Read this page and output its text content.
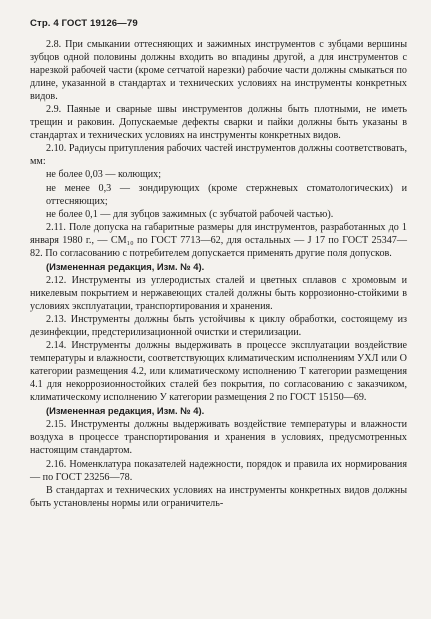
Стр. 4 ГОСТ 19126—79

2.8. При смыкании оттесняющих и зажимных инструментов с зубцами вершины зубцов одной половины должны входить во впадины другой, а для инструментов с нарезкой рабочей части (кроме сетчатой нарезки) рабочие части должны смыкаться по длине, указанной в стандартах и технических условиях на инструменты конкретных видов.

2.9. Паяные и сварные швы инструментов должны быть плотными, не иметь трещин и раковин. Допускаемые дефекты сварки и пайки должны быть указаны в стандартах и технических условиях на инструменты конкретных видов.

2.10. Радиусы притупления рабочих частей инструментов должны соответствовать, мм:

не более 0,03 — колющих;

не менее 0,3 — зондирующих (кроме стержневых стоматологических) и оттесняющих;

не более 0,1 — для зубцов зажимных (с зубчатой рабочей частью).

2.11. Поле допуска на габаритные размеры для инструментов, разработанных до 1 января 1980 г., — CM₁₀ по ГОСТ 7713—62, для остальных — J 17 по ГОСТ 25347—82. По согласованию с потребителем допускается применять другие поля допусков.

(Измененная редакция, Изм. № 4).

2.12. Инструменты из углеродистых сталей и цветных сплавов с хромовым и никелевым покрытием и нержавеющих сталей должны быть коррозионно-стойкими в условиях эксплуатации, транспортирования и хранения.

2.13. Инструменты должны быть устойчивы к циклу обработки, состоящему из дезинфекции, предстерилизационной очистки и стерилизации.

2.14. Инструменты должны выдерживать в процессе эксплуатации воздействие температуры и влажности, соответствующих климатическим исполнениям УХЛ или О категории размещения 4.2, или климатическому исполнению Т категории размещения 4.1 для некоррозионностойких сталей без покрытия, по согласованию с заказчиком, климатическому исполнению У категории размещения 2 по ГОСТ 15150—69.

(Измененная редакция, Изм. № 4).

2.15. Инструменты должны выдерживать воздействие температуры и влажности воздуха в процессе транспортирования и хранения в условиях, предусмотренных настоящим стандартом.

2.16. Номенклатура показателей надежности, порядок и правила их нормирования — по ГОСТ 23256—78.

В стандартах и технических условиях на инструменты конкретных видов должны быть установлены нормы или ограничитель-
